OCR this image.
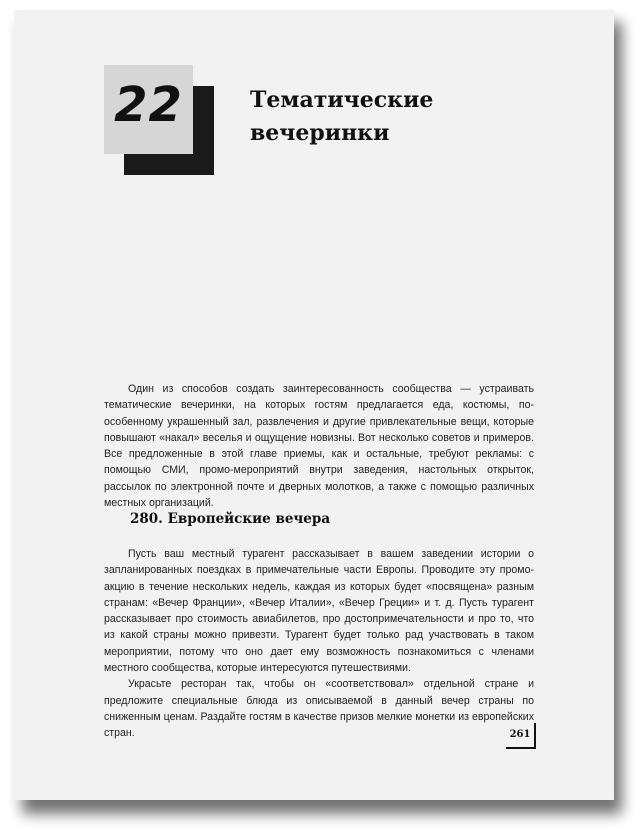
22	Тематические
вечеринки

Один из способов создать заинтересованность сообщества — устраивать тематические вечеринки, на которых гостям предлагается еда, костюмы, по-особенному украшенный зал, развлечения и другие привлекательные вещи, которые повышают «накал» веселья и ощущение новизны. Вот несколько советов и примеров. Все предложенные в этой главе приемы, как и остальные, требуют рекламы: с помощью СМИ, промо-мероприятий внутри заведения, настольных открыток, рассылок по электронной почте и дверных молотков, а также с помощью различных местных организаций.

280. Европейские вечера

Пусть ваш местный турагент рассказывает в вашем заведении истории о запланированных поездках в примечательные части Европы. Проводите эту промо-акцию в течение нескольких недель, каждая из которых будет «посвящена» разным странам: «Вечер Франции», «Вечер Италии», «Вечер Греции» и т. д. Пусть турагент рассказывает про стоимость авиабилетов, про достопримечательности и про то, что из какой страны можно привезти. Турагент будет только рад участвовать в таком мероприятии, потому что оно дает ему возможность познакомиться с членами местного сообщества, которые интересуются путешествиями.

Украсьте ресторан так, чтобы он «соответствовал» отдельной стране и предложите специальные блюда из описываемой в данный вечер страны по сниженным ценам. Раздайте гостям в качестве призов мелкие монетки из европейских стран.	261
